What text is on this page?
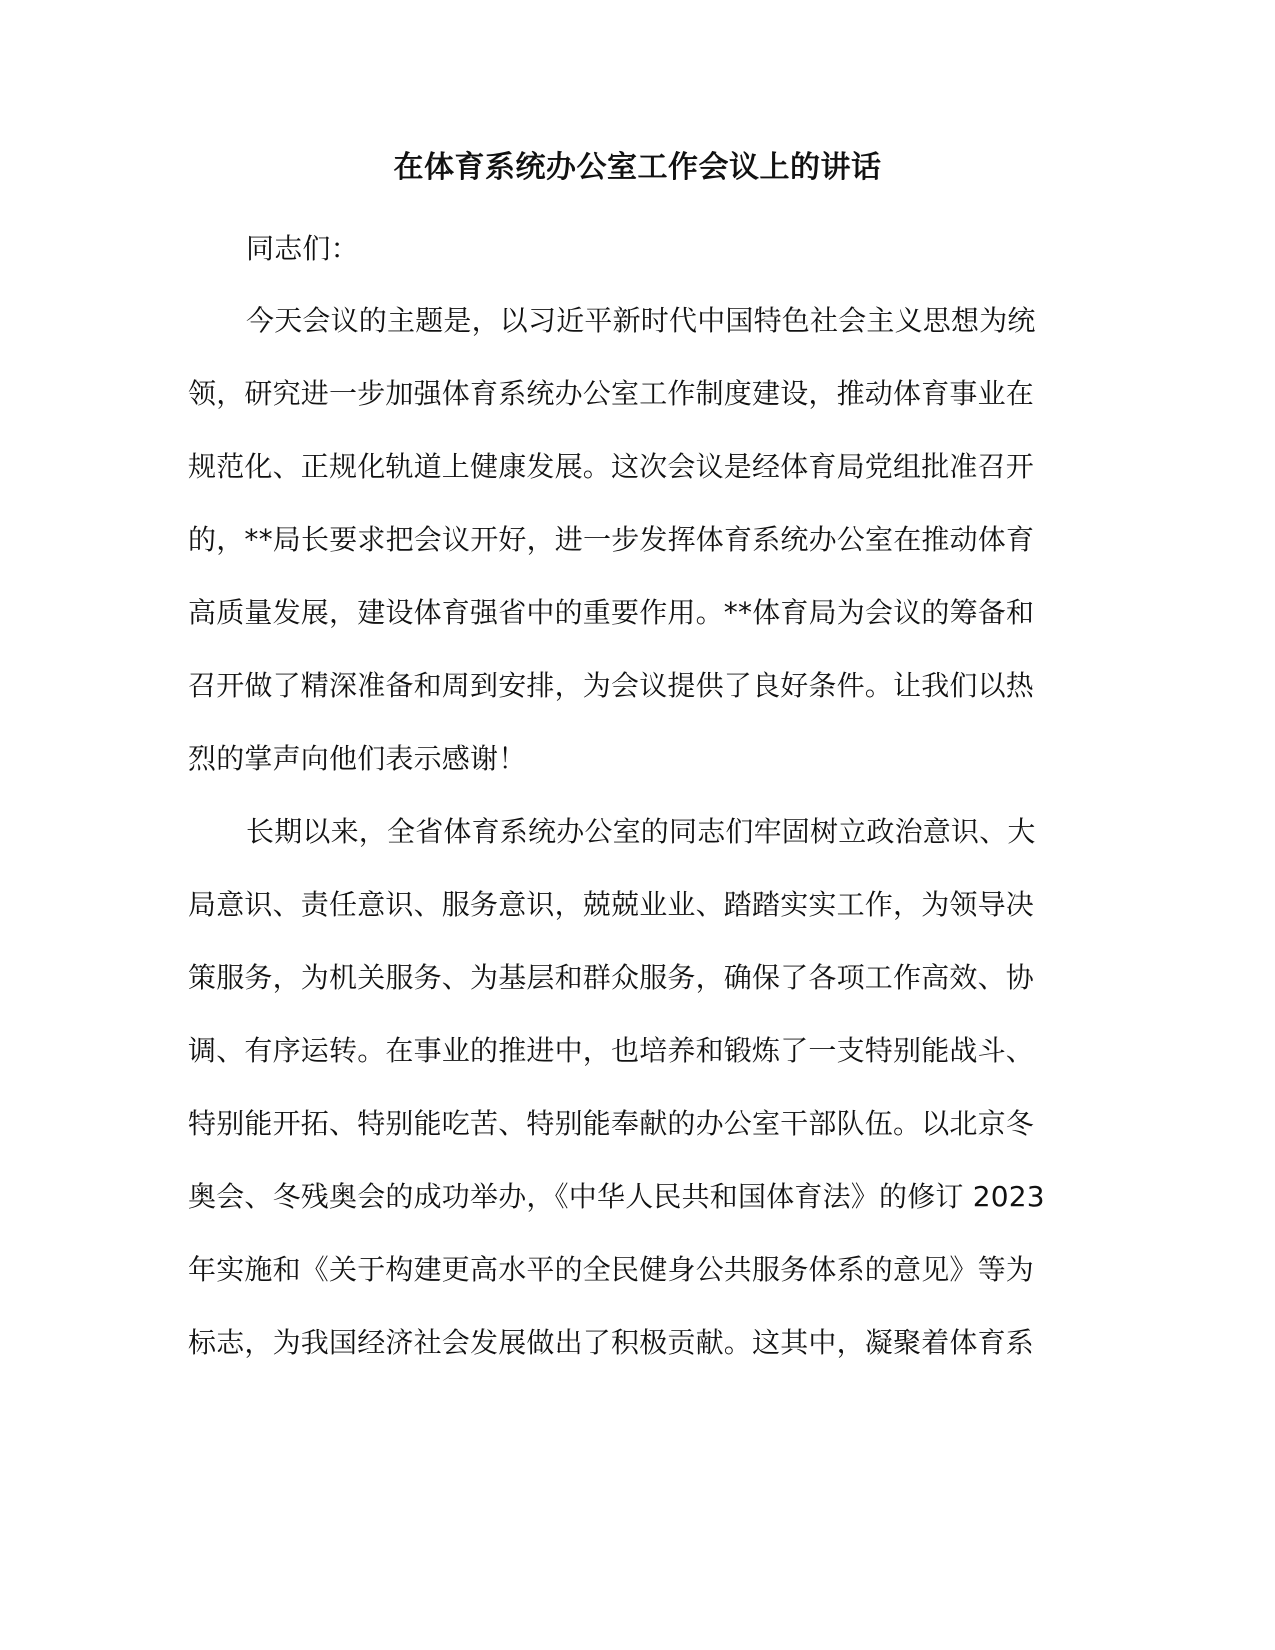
在体育系统办公室工作会议上的讲话
同志们：
今天会议的主题是，以习近平新时代中国特色社会主义思想为统
领，研究进一步加强体育系统办公室工作制度建设，推动体育事业在
规范化、正规化轨道上健康发展。这次会议是经体育局党组批准召开
的，**局长要求把会议开好，进一步发挥体育系统办公室在推动体育
高质量发展，建设体育强省中的重要作用。**体育局为会议的筹备和
召开做了精深准备和周到安排，为会议提供了良好条件。让我们以热
烈的掌声向他们表示感谢！
长期以来，全省体育系统办公室的同志们牢固树立政治意识、大
局意识、责任意识、服务意识，兢兢业业、踏踏实实工作，为领导决
策服务，为机关服务、为基层和群众服务，确保了各项工作高效、协
调、有序运转。在事业的推进中，也培养和锻炼了一支特别能战斗、
特别能开拓、特别能吃苦、特别能奉献的办公室干部队伍。以北京冬
奥会、冬残奥会的成功举办，《中华人民共和国体育法》的修订 2023
年实施和《关于构建更高水平的全民健身公共服务体系的意见》等为
标志，为我国经济社会发展做出了积极贡献。这其中，凝聚着体育系
